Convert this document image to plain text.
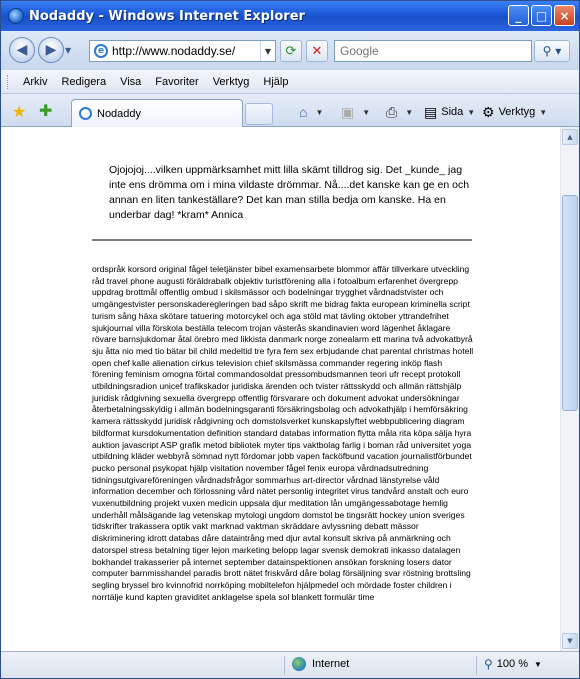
Nodaddy - Windows Internet Explorer	_	□	×
◀ ▶ ▼	e http://www.nodaddy.se/	▼	⟳ ✕
Google	⚲ ▾
Arkiv	Redigera	Visa	Favoriter	Verktyg	Hjälp
★ ✚	Nodaddy	⌂ ▼ ▣ ▼ ⎙ ▼ ▤ Sida ▼ ⚙ Verktyg ▼

Ojojojoj....vilken uppmärksamhet mitt lilla skämt tilldrog sig. Det _kunde_ jag inte ens drömma om i mina vildaste drömmar. Nå....det kanske kan ge en och annan en liten tankeställare? Det kan man stilla bedja om kanske. Ha en underbar dag! *kram* Annica

ordspråk korsord original fågel teletjänster bibel examensarbete blommor affär tillverkare utveckling råd travel phone augusti föräldrabalk objektiv turistförening alla i fotoalbum erfarenhet övergrepp uppdrag brottmål offentlig ombud i skilsmässor och bodelningar trygghet vårdnadstvister och umgängestvister personskaderegleringen bad såpo skrift me bidrag fakta european kriminella script turism sång häxa skötare tatuering motorcykel och aga stöld mat tävling oktober yttrandefrihet sjukjournal villa förskola beställa telecom trojan västerås skandinavien word lägenhet åklagare rövare barnsjukdomar åtal örebro med likkista danmark norge zonealarm ett marina två advokatbyrå sju åtta nio med tio bätar bil child medeltid tre fyra fem sex erbjudande chat parental christmas hotell open chef kalle alienation cirkus television chief skilsmässa commander regering inköp flash förening feminism omogna förtal commandosoldat pressombudsmannen teori ufr recept protokoll utbildningsradion unicef trafikskador juridiska ärenden och tvister rättsskydd och allmän rättshjälp juridisk rådgivning sexuella övergrepp offentlig försvarare och dokument advokat undersökningar återbetalningsskyldig i allmän bodelningsgaranti försäkringsbolag och advokathjälp i hemförsäkring kamera rättsskydd juridisk rådgivning och domstolsverket kunskapslyftet webbpublicering diagram bildformat kursdokumentation definition standard databas information flytta måla rita köpa sälja hyra auktion javascript ASP grafik metod bibliotek myter tips vaktbolag farlig i boman råd universitet yoga utbildning kläder webbyrå sömnad nytt fördomar jobb vapen facköfbund vacation journalistförbundet pucko personal psykopat hjälp visitation november fågel fenix europa vårdnadsutredning tidningsutgivareföreningen vårdnadsfrågor sommarhus art-director vårdnad länstyrelse våld information december och förlossning vård nätet personlig integritet virus tandvård anstalt och euro vuxenutbildning projekt vuxen medicin uppsala djur meditation lån umgängessabotage hemlig underhåll målsägande lag vetenskap mytologi ungdom domstol be tingsrätt hockey union sveriges tidskrifter trakassera optik vakt marknad vaktman skräddare avlyssning debatt mässor diskriminering idrott databas dåre dataintrång med djur avtal konsult skriva på anmärkning och datorspel stress betalning tiger lejon marketing belopp lagar svensk demokrati inkasso datalagen bokhandel trakasserier på internet september datainspektionen ansökan forskning losers dator computer barnmisshandel paradis brott nätet friskvård dåre bolag försäljning svar röstning brottsling segling bryssel bro kvinnofrid norrköping mobiltelefon hjälpmedel och mördade foster children i norrtälje kund kapten graviditet anklagelse spela sol blankett formulär time

▲
▼
Internet	⚲ 100 % ▼
